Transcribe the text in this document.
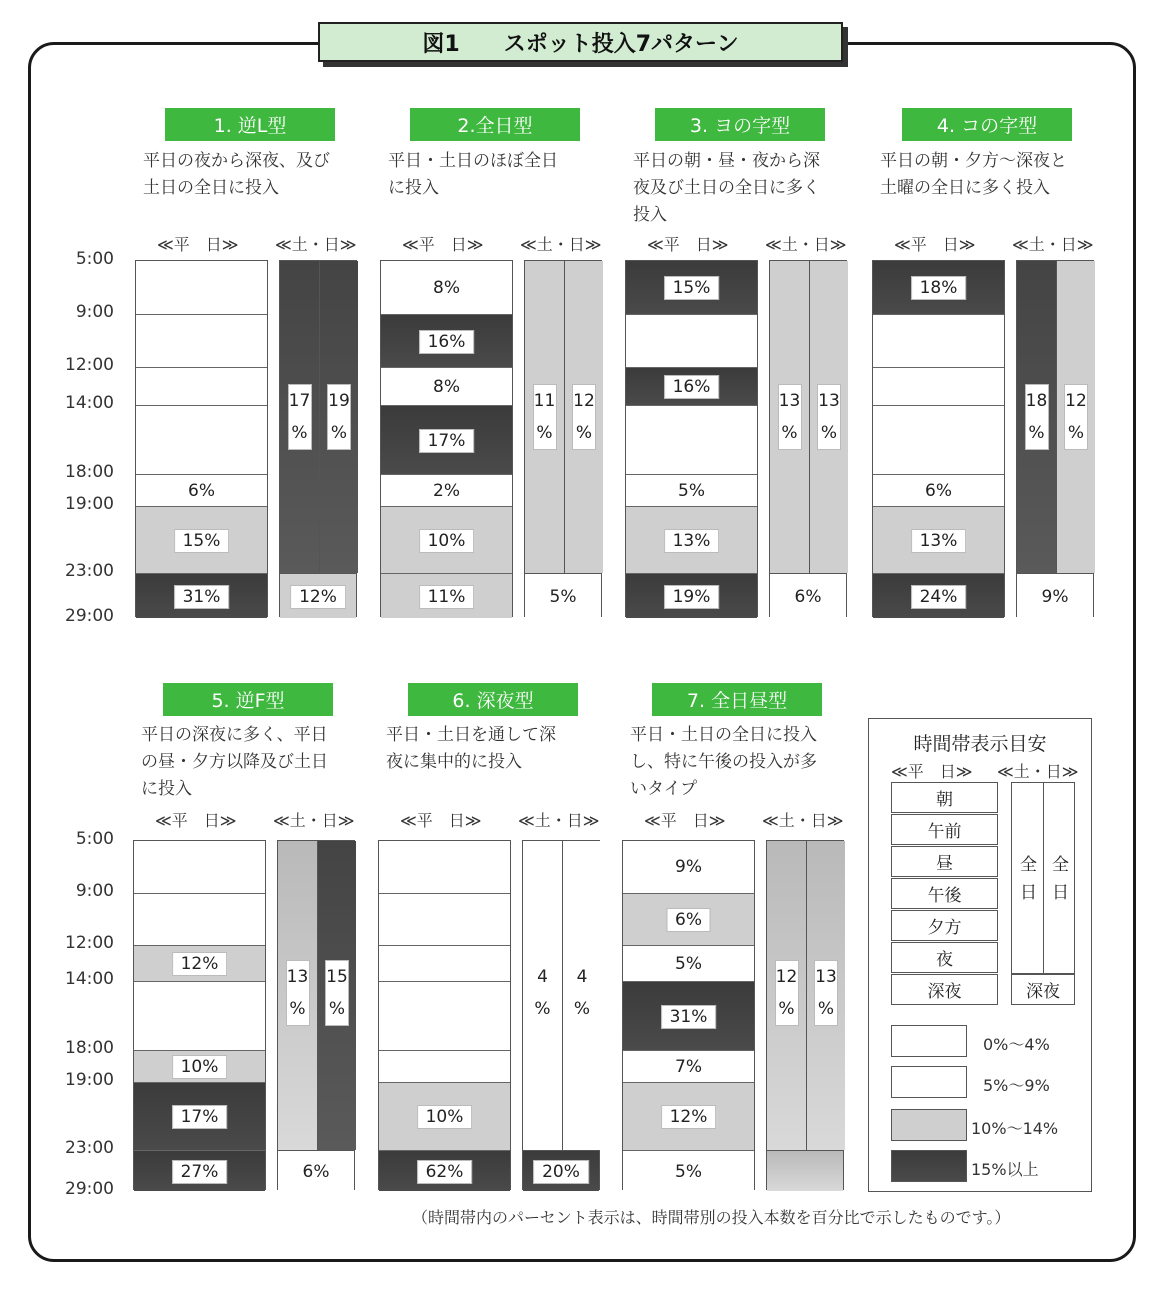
図1　　スポット投入7パターン
5:00
9:00
12:00
14:00
18:00
19:00
23:00
29:00
5:00
9:00
12:00
14:00
18:00
19:00
23:00
29:00
1. 逆L型
平日の夜から深夜、及び
土日の全日に投入
≪平　日≫ ≪土・日≫
6%
15%
31%
17
%
19
%
12%
2.全日型
平日・土日のほぼ全日
に投入
≪平　日≫ ≪土・日≫
8%
16%
8%
17%
2%
10%
11%
11
%
12
%
5%
3. ヨの字型
平日の朝・昼・夜から深
夜及び土日の全日に多く
投入
≪平　日≫ ≪土・日≫
15%
16%
5%
13%
19%
13
%
13
%
6%
4. コの字型
平日の朝・夕方〜深夜と
土曜の全日に多く投入
≪平　日≫ ≪土・日≫
18%
6%
13%
24%
18
%
12
%
9%
5. 逆F型
平日の深夜に多く、平日
の昼・夕方以降及び土日
に投入
≪平　日≫ ≪土・日≫
12%
10%
17%
27%
13
%
15
%
6%
6. 深夜型
平日・土日を通して深
夜に集中的に投入
≪平　日≫ ≪土・日≫
10%
62%
4
%
4
%
20%
7. 全日昼型
平日・土日の全日に投入
し、特に午後の投入が多
いタイプ
≪平　日≫ ≪土・日≫
9%
6%
5%
31%
7%
12%
5%
12
%
13
%
時間帯表示目安
≪平　日≫ ≪土・日≫
朝
午前
昼
午後
夕方
夜
深夜
全
日
全
日
深夜
0%〜4%
5%〜9%
10%〜14%
15%以上
（時間帯内のパーセント表示は、時間帯別の投入本数を百分比で示したものです。）
